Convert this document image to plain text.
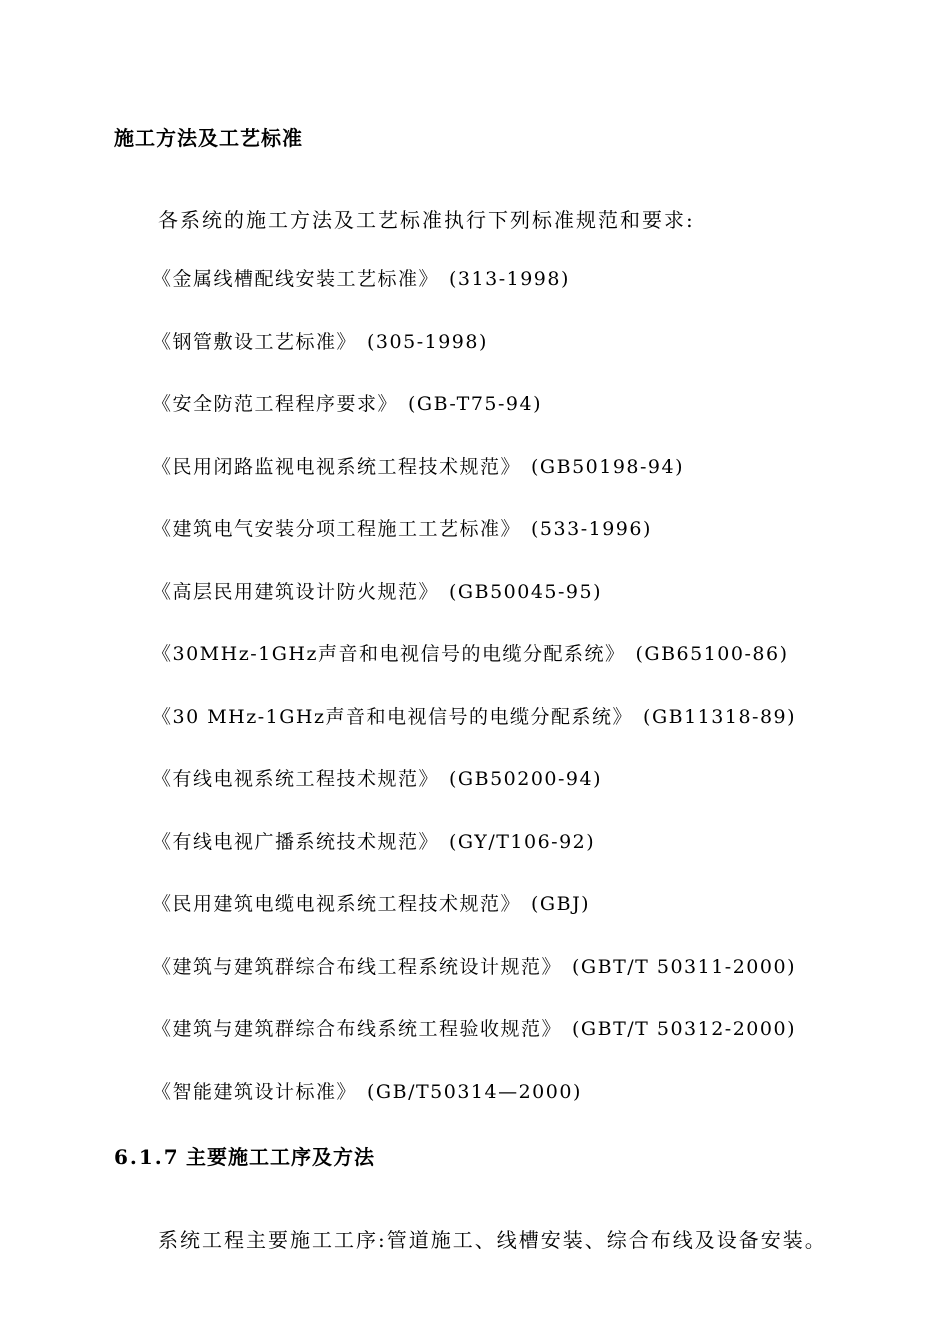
施工方法及工艺标准
各系统的施工方法及工艺标准执行下列标准规范和要求:
《金属线槽配线安装工艺标准》 (313-1998)
《钢管敷设工艺标准》 (305-1998)
《安全防范工程程序要求》 (GB-T75-94)
《民用闭路监视电视系统工程技术规范》 (GB50198-94)
《建筑电气安装分项工程施工工艺标准》 (533-1996)
《高层民用建筑设计防火规范》 (GB50045-95)
《30MHz-1GHz声音和电视信号的电缆分配系统》 (GB65100-86)
《30 MHz-1GHz声音和电视信号的电缆分配系统》 (GB11318-89)
《有线电视系统工程技术规范》 (GB50200-94)
《有线电视广播系统技术规范》 (GY/T106-92)
《民用建筑电缆电视系统工程技术规范》 (GBJ)
《建筑与建筑群综合布线工程系统设计规范》 (GBT/T 50311-2000)
《建筑与建筑群综合布线系统工程验收规范》 (GBT/T 50312-2000)
《智能建筑设计标准》 (GB/T50314—2000)
6.1.7 主要施工工序及方法
系统工程主要施工工序:管道施工、线槽安装、综合布线及设备安装。
